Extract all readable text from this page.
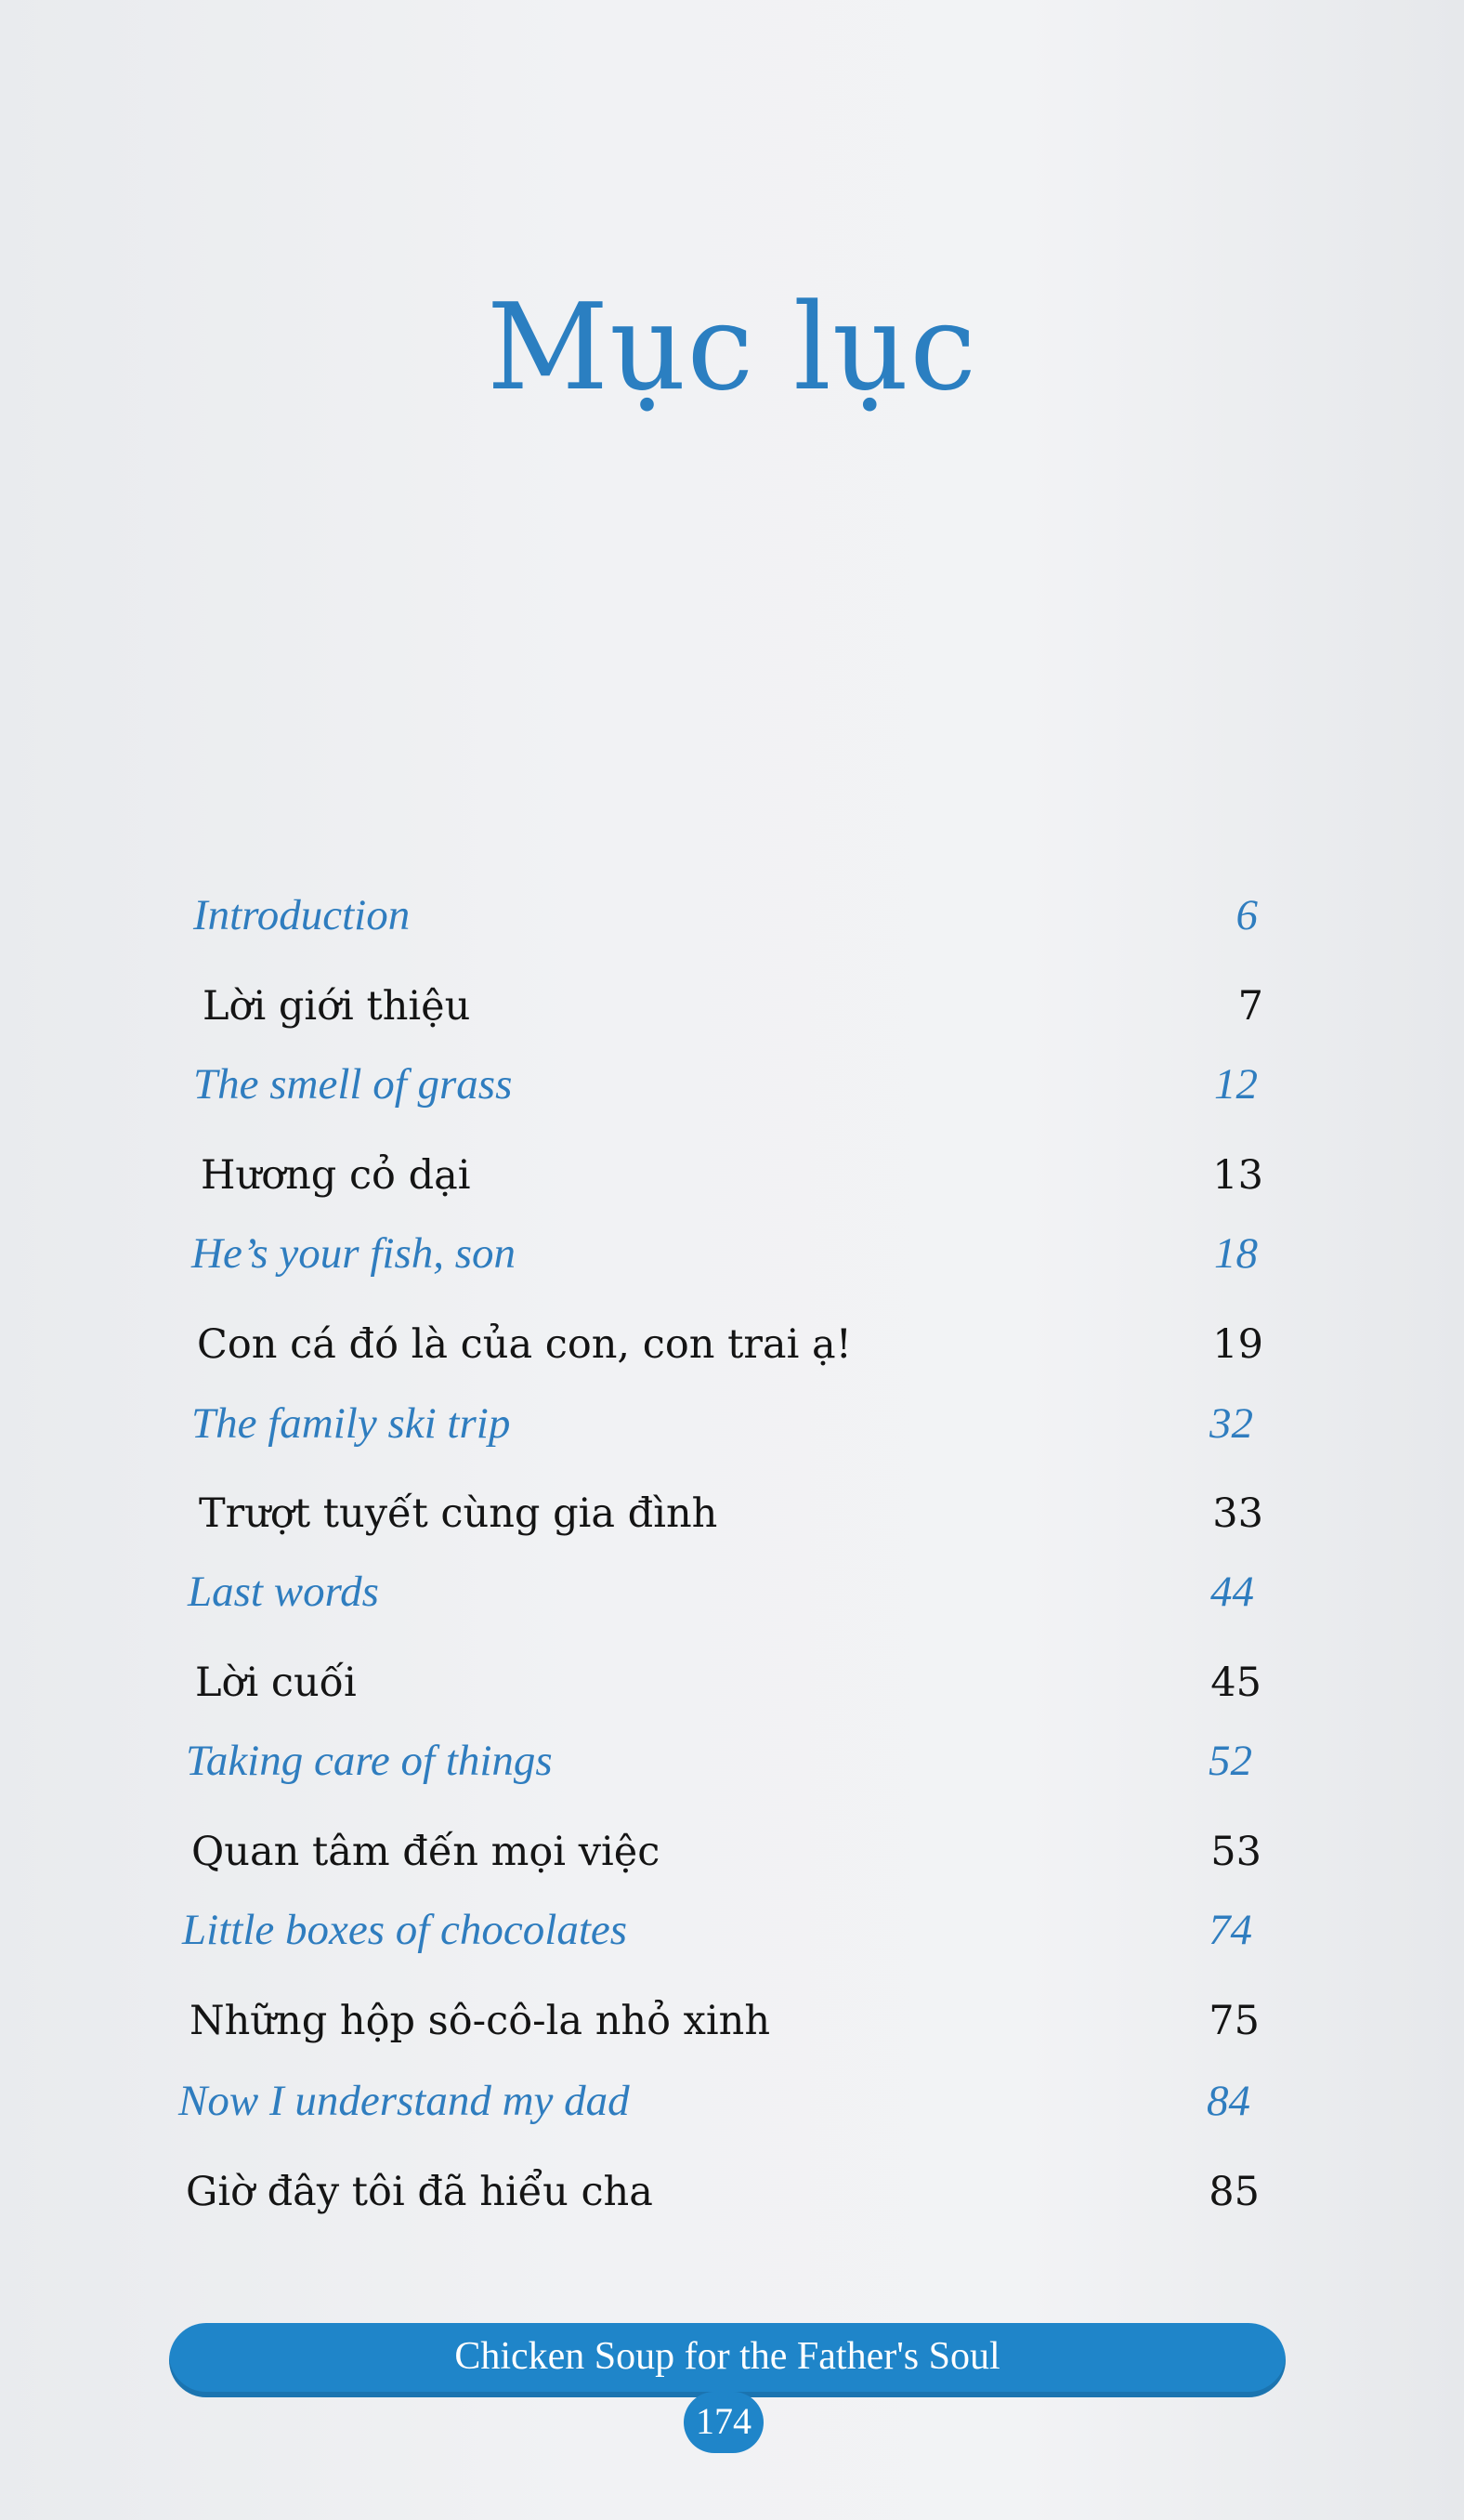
Mục lục
Introduction	6
Lời giới thiệu	7
The smell of grass	12
Hương cỏ dại	13
He’s your fish, son	18
Con cá đó là của con, con trai ạ!	19
The family ski trip	32
Trượt tuyết cùng gia đình	33
Last words	44
Lời cuối	45
Taking care of things	52
Quan tâm đến mọi việc	53
Little boxes of chocolates	74
Những hộp sô-cô-la nhỏ xinh	75
Now I understand my dad	84
Giờ đây tôi đã hiểu cha	85
Chicken Soup for the Father's Soul
174
